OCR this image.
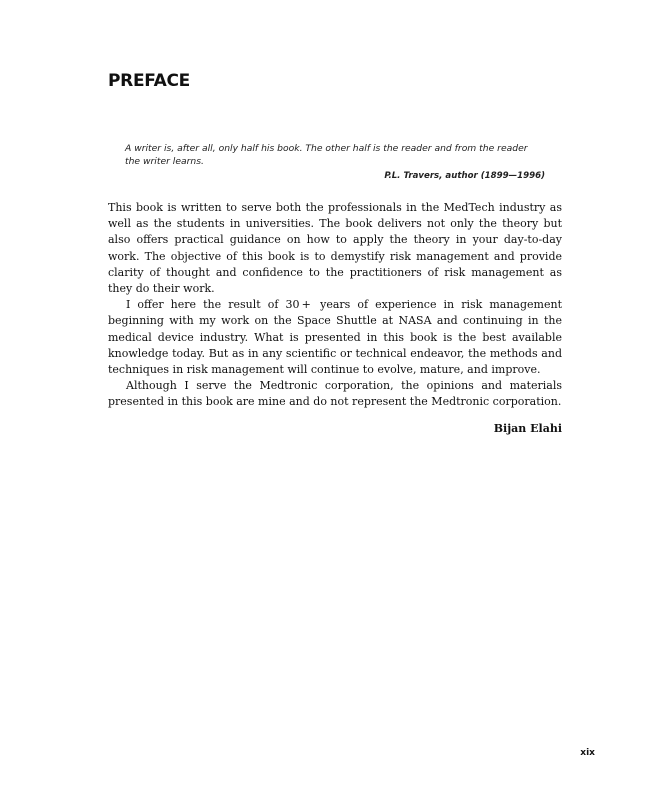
PREFACE

A writer is, after all, only half his book. The other half is the reader and from the reader the writer learns.

P.L. Travers, author (1899—1996)

This book is written to serve both the professionals in the MedTech industry as well as the students in universities. The book delivers not only the theory but also offers practical guidance on how to apply the theory in your day-to-day work. The objective of this book is to demystify risk management and provide clarity of thought and confidence to the practitioners of risk management as they do their work.

I offer here the result of 30 +  years of experience in risk management beginning with my work on the Space Shuttle at NASA and continuing in the medical device industry. What is presented in this book is the best available knowledge today. But as in any scientific or technical endeavor, the methods and techniques in risk management will continue to evolve, mature, and improve.

Although I serve the Medtronic corporation, the opinions and materials presented in this book are mine and do not represent the Medtronic corporation.

Bijan Elahi

xix
